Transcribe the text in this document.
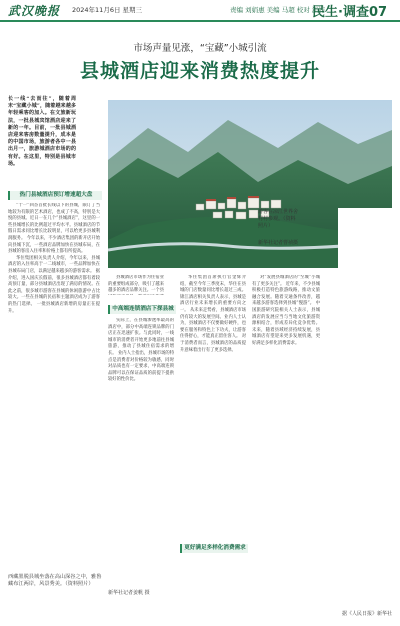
武汉晚报 2024年11月6日 星期三	责编 刘娟惠 美编 马超 校对 江浦
民生·调查07
市场声量见涨，“宝藏”小城引流
县城酒店迎来消费热度提升
长一线“去而往”，随着周末“宝藏小城”，随着越来越多年轻乘客的加入。在文旅新玩法，一批县城宾馆酒店迎来了新的一年。目前，一批县城酒店迎来客房数量提升，成本是的中国市场，旅游者各中一县出月一，旅游城酒店市场的的有好。在这里，特别是县城市场。
热门县城酒店预订增速超大盘

“十一”回答首批长线以下的县城，限订了当地较为有限的艺术酒店，也成了不高，特别是大悦的县城。近日一在几个“县城酒店”，这里的一些县城增长的比例超过平均水平。县城酒店的节假日需求同比增长比较明显，可以给更多县城利润服务。 今年以来，不少酒店集团的新开店开始向县城下沉，一些酒店品牌加快在县城布局，在县城的客房入住率和价格上都有所提高。

华住集团相关负责人介绍，今年以来，县城酒店的入住率高于一二线城市，一些品牌加快在县城布局门店，以满足越来越多的游客需求。 据介绍，进入国庆长假前，很多县城酒店都有着较高预订量，部分县城酒店出现了满房的情况。在此之前，很多城市游客在县城的休闲旅游中占比较大。一些在县城的民宿和主题酒店成为了游客的热门选择。 一批县城酒店新增的房量正在提升。

游客在凉江世界舍村村参观。（资料照片）
新华社记者曹祯摄

县城酒店市场作为住宿业的重要组成部分，吸引了越来越多的酒店品牌关注。一个县

中高端连锁酒店下探县城

实际上，在县城渗透率最高的酒店中，部分中高端连锁品牌的门店正在迅速扩张。与此同时，一线城市的消费者开始更多地前往县城旅游，推动了县城住宿需求的增长。 业内人士指出，县城市场的特点是消费者对价格较为敏感，同时对品质也有一定要求，中高端连锁品牌可以在保证品质的前提下提供较好的性价比。

华住集团首席执行官金辉介绍，截至今年三季度末，华住在县城的门店数量同比增长超过三成。锦江酒店相关负责人表示，县城是酒店行业未来增长的重要方向之一。 从未来走势看，县城酒店市场仍有较大的发展空间。业内人士认为，县城酒店不仅要做好硬件，也要在服务和特色上下功夫，让游客住得舒心，才能真正留住客人。 对于消费者而言，县城酒店的品质提升意味着出行有了更多选择。

更好满足多样化消费需求

对“发展县城酒店的”至城“小城有了更多关注”。 近年来，不少县城积极打造特色旅游线路，推动文旅融合发展。随着交通条件改善，越来越多游客选择到县城“慢游”。 中国旅游研究院相关人士表示，县城酒店的发展应当与当地文化旅游资源相结合，形成差异化竞争优势。 未来，随着县域经济持续发展，县城酒店有望迎来更多发展机遇，更好满足多样化消费需求。

西藏墨脱县城坐落在高山深谷之中，雅鲁藏布江两岸，风景秀美。（资料照片）
新华社记者姜帆 摄
据《人民日报》新华社
